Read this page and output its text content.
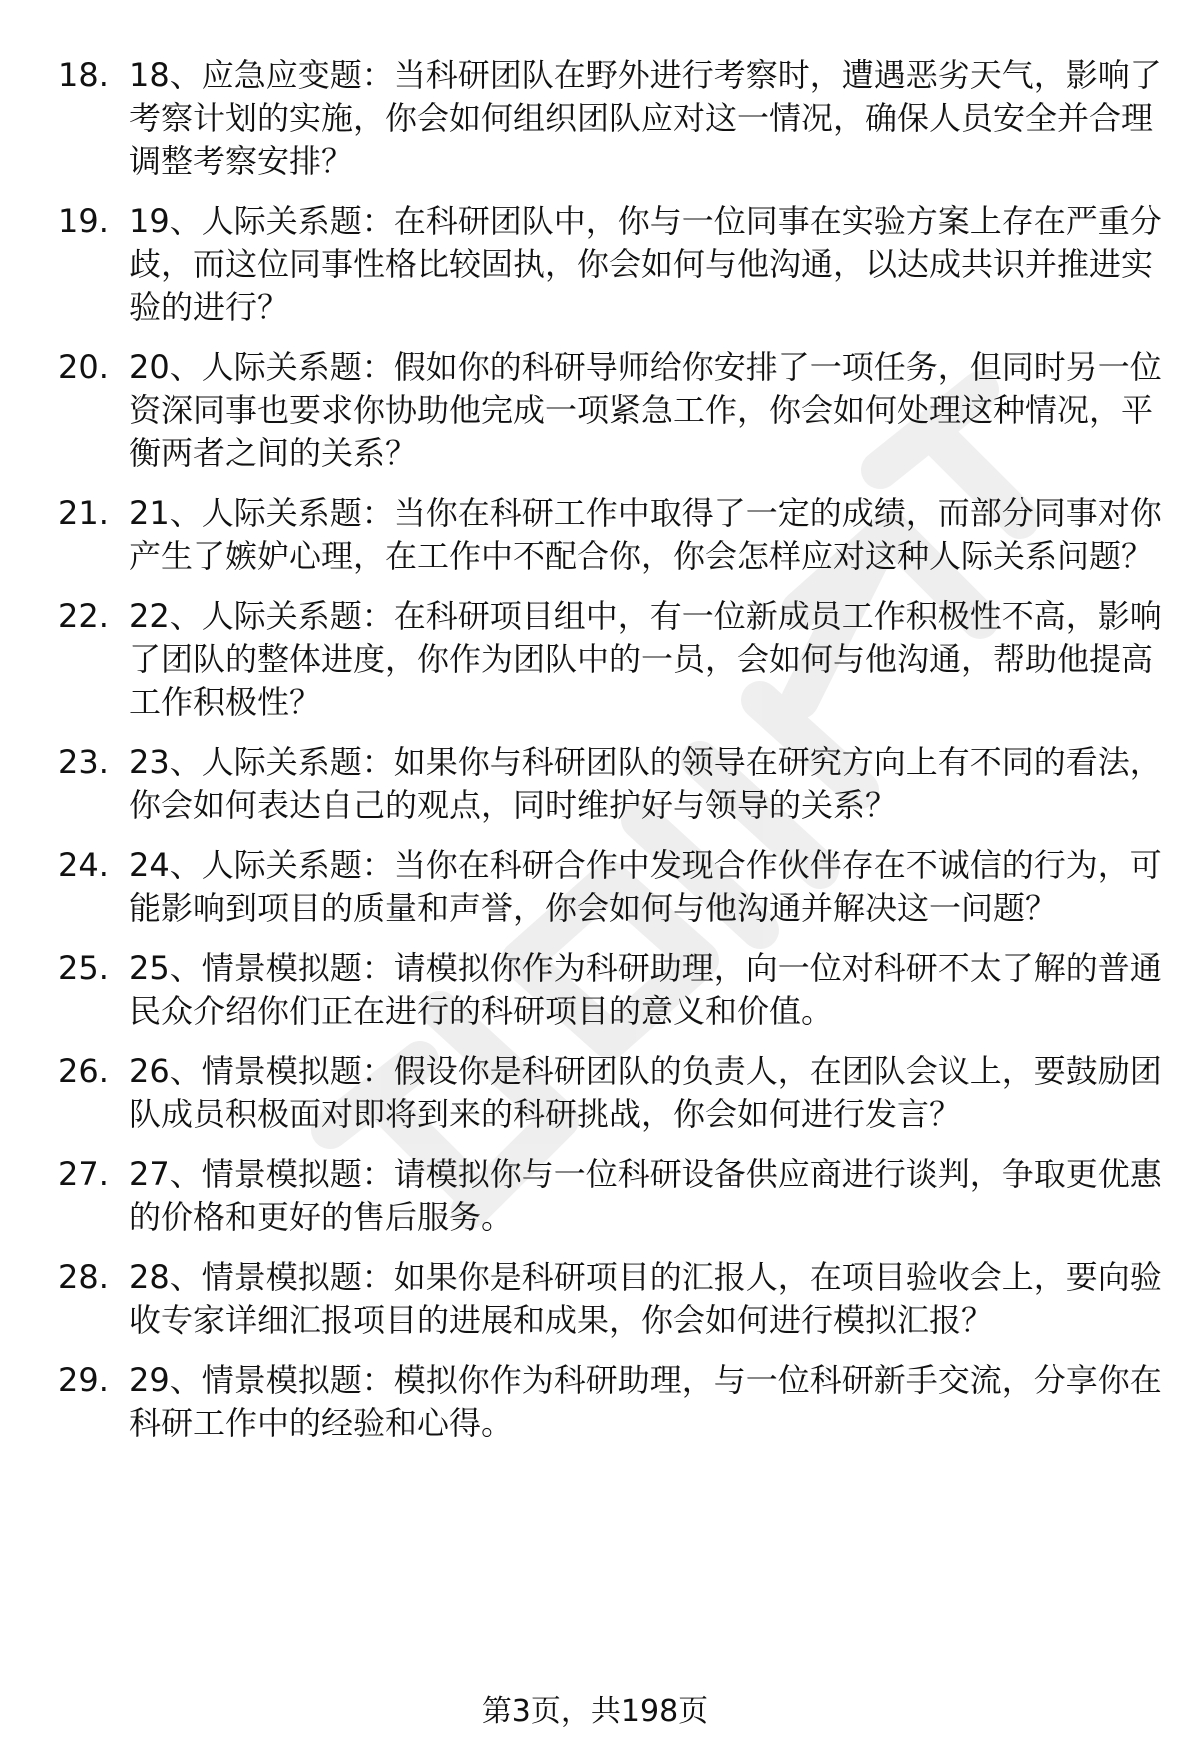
18. 18、应急应变题：当科研团队在野外进行考察时，遭遇恶劣天气，影响了考察计划的实施，你会如何组织团队应对这一情况，确保人员安全并合理调整考察安排？
19. 19、人际关系题：在科研团队中，你与一位同事在实验方案上存在严重分歧，而这位同事性格比较固执，你会如何与他沟通，以达成共识并推进实验的进行？
20. 20、人际关系题：假如你的科研导师给你安排了一项任务，但同时另一位资深同事也要求你协助他完成一项紧急工作，你会如何处理这种情况，平衡两者之间的关系？
21. 21、人际关系题：当你在科研工作中取得了一定的成绩，而部分同事对你产生了嫉妒心理，在工作中不配合你，你会怎样应对这种人际关系问题？
22. 22、人际关系题：在科研项目组中，有一位新成员工作积极性不高，影响了团队的整体进度，你作为团队中的一员，会如何与他沟通，帮助他提高工作积极性？
23. 23、人际关系题：如果你与科研团队的领导在研究方向上有不同的看法，你会如何表达自己的观点，同时维护好与领导的关系？
24. 24、人际关系题：当你在科研合作中发现合作伙伴存在不诚信的行为，可能影响到项目的质量和声誉，你会如何与他沟通并解决这一问题？
25. 25、情景模拟题：请模拟你作为科研助理，向一位对科研不太了解的普通民众介绍你们正在进行的科研项目的意义和价值。
26. 26、情景模拟题：假设你是科研团队的负责人，在团队会议上，要鼓励团队成员积极面对即将到来的科研挑战，你会如何进行发言？
27. 27、情景模拟题：请模拟你与一位科研设备供应商进行谈判，争取更优惠的价格和更好的售后服务。
28. 28、情景模拟题：如果你是科研项目的汇报人，在项目验收会上，要向验收专家详细汇报项目的进展和成果，你会如何进行模拟汇报？
29. 29、情景模拟题：模拟你作为科研助理，与一位科研新手交流，分享你在科研工作中的经验和心得。
第3页，共198页
